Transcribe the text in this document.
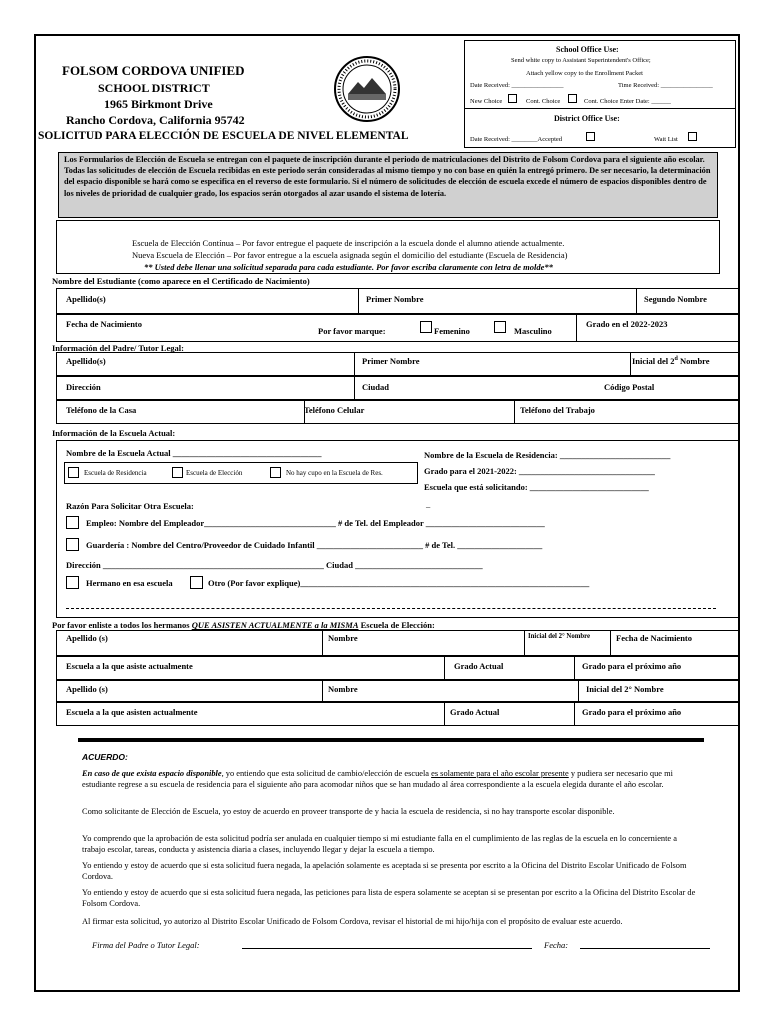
FOLSOM CORDOVA UNIFIED
SCHOOL DISTRICT
1965 Birkmont Drive
Rancho Cordova, California 95742
SOLICITUD PARA ELECCIÓN DE ESCUELA DE NIVEL ELEMENTAL
School Office Use:
Send white copy to Assistant Superintendent's Office;
Attach yellow copy to the Enrollment Packet
Date Received: ________________	Time Received: ________________
New Choice	Cont. Choice	Cont. Choice Enter Date: ______
District Office Use:
Date Received: ________Accepted	Wait List
Los Formularios de Elección de Escuela se entregan con el paquete de inscripción durante el periodo de matriculaciones del Distrito de Folsom Cordova para el siguiente año escolar. Todas las solicitudes de elección de Escuela recibidas en este periodo serán consideradas al mismo tiempo y no con base en quién la entregó primero. De ser necesario, la determinación del espacio disponible se hará como se especifica en el reverso de este formulario. Si el número de solicitudes de elección de escuela excede el número de espacios disponibles dentro de los niveles de prioridad de cualquier grado, los espacios serán otorgados al azar usando el sistema de lotería.
Escuela de Elección Contínua – Por favor entregue el paquete de inscripción a la escuela donde el alumno atiende actualmente.
Nueva Escuela de Elección – Por favor entregue a la escuela asignada según el domicilio del estudiante (Escuela de Residencia)
** Usted debe llenar una solicitud separada para cada estudiante. Por favor escriba claramente con letra de molde**
Nombre del Estudiante (como aparece en el Certificado de Nacimiento)
Apellido(s)	Primer Nombre	Segundo Nombre
Fecha de Nacimiento
Por favor marque:	Femenino	Masculino
Grado en el 2022-2023
Información del Padre/ Tutor Legal:
Apellido(s)	Primer Nombre	Inicial del 2$^d$ Nombre
Dirección	Ciudad	Código Postal
Teléfono de la Casa	Teléfono Celular	Teléfono del Trabajo
Información de la Escuela Actual:
Nombre de la Escuela Actual ___________________________________
Escuela de Residencia	Escuela de Elección	No hay cupo en la Escuela de Res.
Nombre de la Escuela de Residencia: __________________________
Grado para el 2021-2022: ________________________________
Escuela que está solicitando: ____________________________
Razón Para Solicitar Otra Escuela:	–
Empleo: Nombre del Empleador_______________________________ # de Tel. del Empleador ____________________________
Guardería : Nombre del Centro/Proveedor de Cuidado Infantil _________________________ # de Tel. ____________________
Dirección ____________________________________________________ Ciudad ______________________________
Hermano en esa escuela	Otro (Por favor explique)____________________________________________________________________
Por favor enliste a todos los hermanos QUE ASISTEN ACTUALMENTE a la MISMA Escuela de Elección:
Apellido (s)	Nombre	Inicial del 2° Nombre	Fecha de Nacimiento
Escuela a la que asiste actualmente	Grado Actual	Grado para el próximo año
Apellido (s)	Nombre	Inicial del 2° Nombre
Escuela a la que asisten actualmente	Grado Actual	Grado para el próximo año
ACUERDO:
En caso de que exista espacio disponible, yo entiendo que esta solicitud de cambio/elección de escuela es solamente para el año escolar presente y pudiera ser necesario que mi estudiante regrese a su escuela de residencia para el siguiente año para acomodar niños que se han mudado al área correspondiente a la escuela elegida durante el año escolar.
Como solicitante de Elección de Escuela, yo estoy de acuerdo en proveer transporte de y hacia la escuela de residencia, si no hay transporte escolar disponible.
Yo comprendo que la aprobación de esta solicitud podría ser anulada en cualquier tiempo si mi estudiante falla en el cumplimiento de las reglas de la escuela en lo concerniente a trabajo escolar, tareas, conducta y asistencia diaria a clases, incluyendo llegar y dejar la escuela a tiempo.
Yo entiendo y estoy de acuerdo que si esta solicitud fuera negada, la apelación solamente es aceptada si se presenta por escrito a la Oficina del Distrito Escolar Unificado de Folsom Cordova.
Yo entiendo y estoy de acuerdo que si esta solicitud fuera negada, las peticiones para lista de espera solamente se aceptan si se presentan por escrito a la Oficina del Distrito Escolar de Folsom Cordova.
Al firmar esta solicitud, yo autorizo al Distrito Escolar Unificado de Folsom Cordova, revisar el historial de mi hijo/hija con el propósito de evaluar este acuerdo.
Firma del Padre o Tutor Legal:	Fecha:
